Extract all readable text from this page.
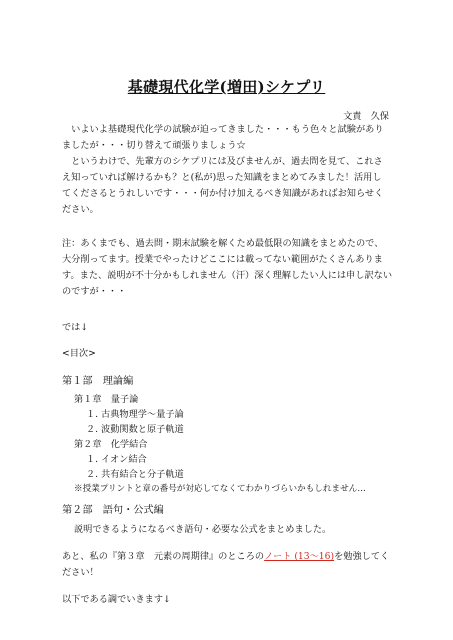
基礎現代化学(増田)シケプリ
文責　久保
　いよいよ基礎現代化学の試験が迫ってきました・・・もう色々と試験があり
ましたが・・・切り替えて頑張りましょう☆
　というわけで、先輩方のシケプリには及びませんが、過去問を見て、これさ
え知っていれば解けるかも？と(私が)思った知識をまとめてみました！活用し
てくださるとうれしいです・・・何か付け加えるべき知識があればお知らせく
ださい。
注：あくまでも、過去問・期末試験を解くため最低限の知識をまとめたので、
大分削ってます。授業でやったけどここには載ってない範囲がたくさんありま
す。また、説明が不十分かもしれません（汗）深く理解したい人には申し訳ない
のですが・・・
では↓
<目次>
第１部　理論編
第１章　量子論
１. 古典物理学～量子論
２. 波動関数と原子軌道
第２章　化学結合
１. イオン結合
２. 共有結合と分子軌道
※授業プリントと章の番号が対応してなくてわかりづらいかもしれません…
第２部　語句・公式編
説明できるようになるべき語句・必要な公式をまとめました。
あと、私の『第３章　元素の周期律』のところのノート (13～16)を勉強してく
ださい！
以下である調でいきます↓
